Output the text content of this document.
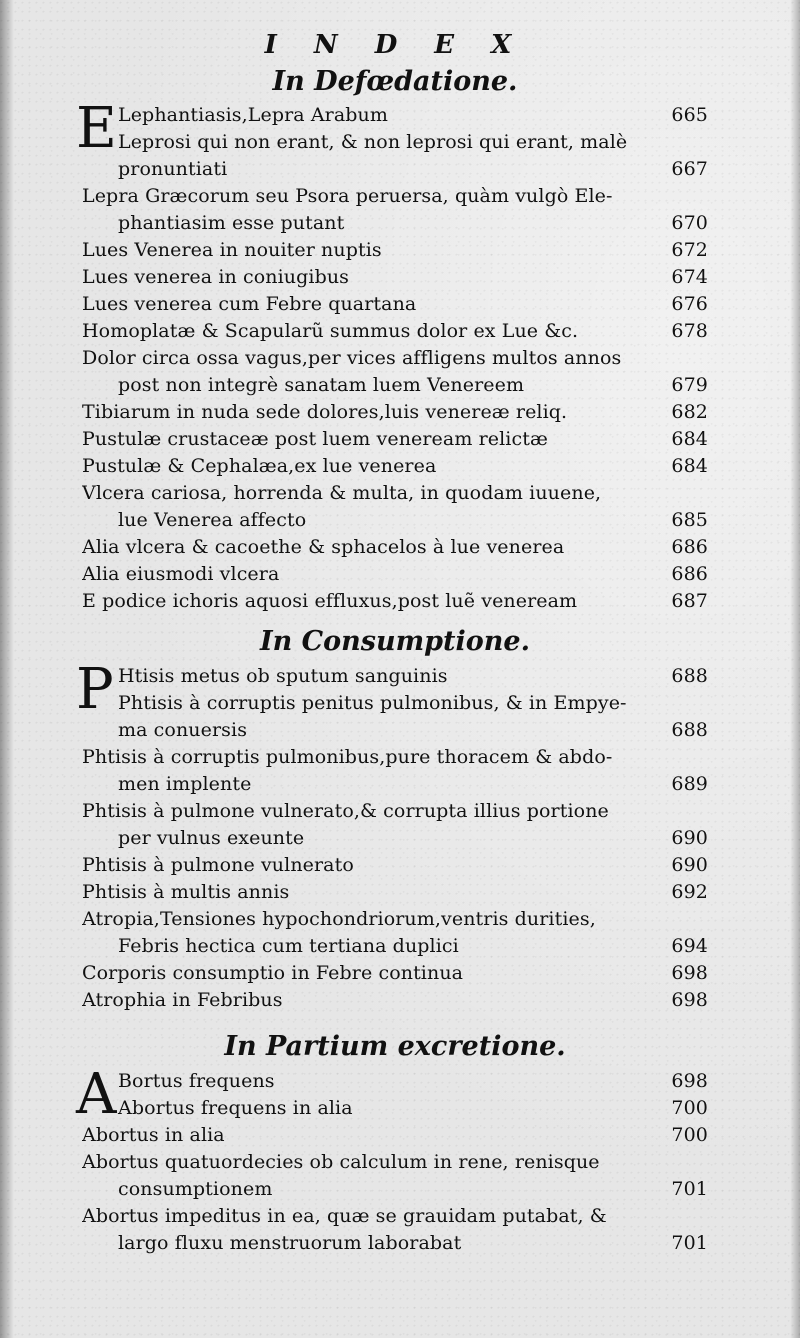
I N D E X
In Defœdatione.
E Lephantiasis,Lepra Arabum	665
Leprosi qui non erant, & non leprosi qui erant, malè
pronuntiati	667
Lepra Græcorum seu Psora peruersa, quàm vulgò Ele-
phantiasim esse putant	670
Lues Venerea in nouiter nuptis	672
Lues venerea in coniugibus	674
Lues venerea cum Febre quartana	676
Homoplatæ & Scapularũ summus dolor ex Lue &c.	678
Dolor circa ossa vagus,per vices affligens multos annos
post non integrè sanatam luem Venereem	679
Tibiarum in nuda sede dolores,luis venereæ reliq.	682
Pustulæ crustaceæ post luem veneream relictæ	684
Pustulæ & Cephalæa,ex lue venerea	684
Vlcera cariosa, horrenda & multa, in quodam iuuene,
lue Venerea affecto	685
Alia vlcera & cacoethe & sphacelos à lue venerea	686
Alia eiusmodi vlcera	686
E podice ichoris aquosi effluxus,post luẽ veneream	687
In Consumptione.
P Htisis metus ob sputum sanguinis	688
Phtisis à corruptis penitus pulmonibus, & in Empye-
ma conuersis	688
Phtisis à corruptis pulmonibus,pure thoracem & abdo-
men implente	689
Phtisis à pulmone vulnerato,& corrupta illius portione
per vulnus exeunte	690
Phtisis à pulmone vulnerato	690
Phtisis à multis annis	692
Atropia,Tensiones hypochondriorum,ventris durities,
Febris hectica cum tertiana duplici	694
Corporis consumptio in Febre continua	698
Atrophia in Febribus	698
In Partium excretione.
A Bortus frequens	698
Abortus frequens in alia	700
Abortus in alia	700
Abortus quatuordecies ob calculum in rene, renisque
consumptionem	701
Abortus impeditus in ea, quæ se grauidam putabat, &
largo fluxu menstruorum laborabat	701
